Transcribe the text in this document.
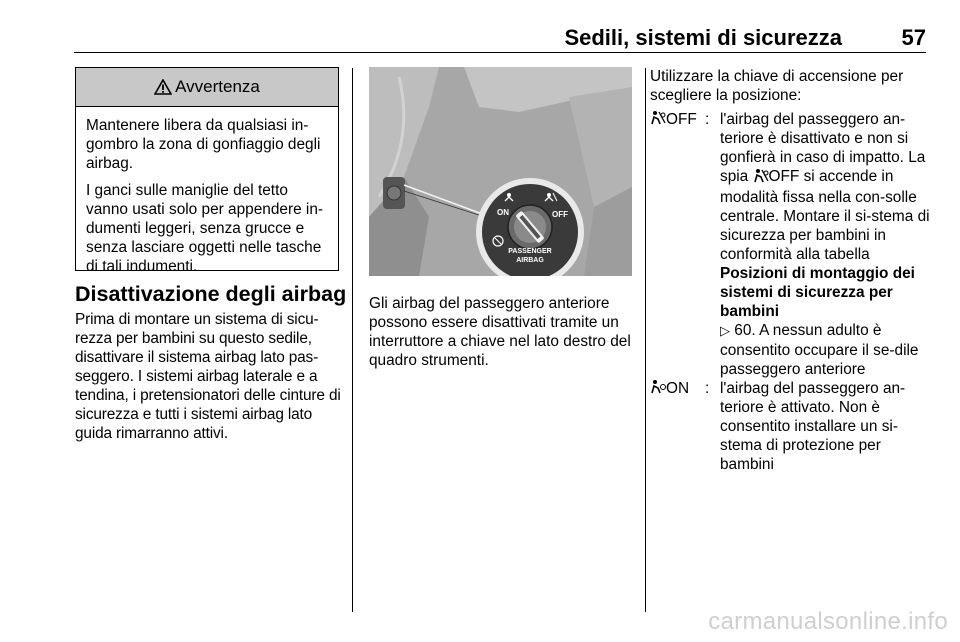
Sedili, sistemi di sicurezza	57
Avvertenza

Mantenere libera da qualsiasi in-gombro la zona di gonfiaggio degli airbag.

I ganci sulle maniglie del tetto vanno usati solo per appendere in-dumenti leggeri, senza grucce e senza lasciare oggetti nelle tasche di tali indumenti.

Disattivazione degli airbag
Prima di montare un sistema di sicu-rezza per bambini su questo sedile, disattivare il sistema airbag lato pas-seggero. I sistemi airbag laterale e a tendina, i pretensionatori delle cinture di sicurezza e tutti i sistemi airbag lato guida rimarranno attivi.
ON	OFF
PASSENGER
AIRBAG
Gli airbag del passeggero anteriore possono essere disattivati tramite un interruttore a chiave nel lato destro del quadro strumenti.
Utilizzare la chiave di accensione per scegliere la posizione:
OFF : l'airbag del passeggero an-teriore è disattivato e non si gonfierà in caso di impatto. La spia OFF si accende in modalità fissa nella con-solle centrale. Montare il si-stema di sicurezza per bambini in conformità alla tabella Posizioni di montaggio dei sistemi di sicurezza per bambini
▷ 60. A nessun adulto è consentito occupare il se-dile passeggero anteriore
ON : l'airbag del passeggero an-teriore è attivato. Non è consentito installare un si-stema di protezione per bambini
carmanualsonline.info
